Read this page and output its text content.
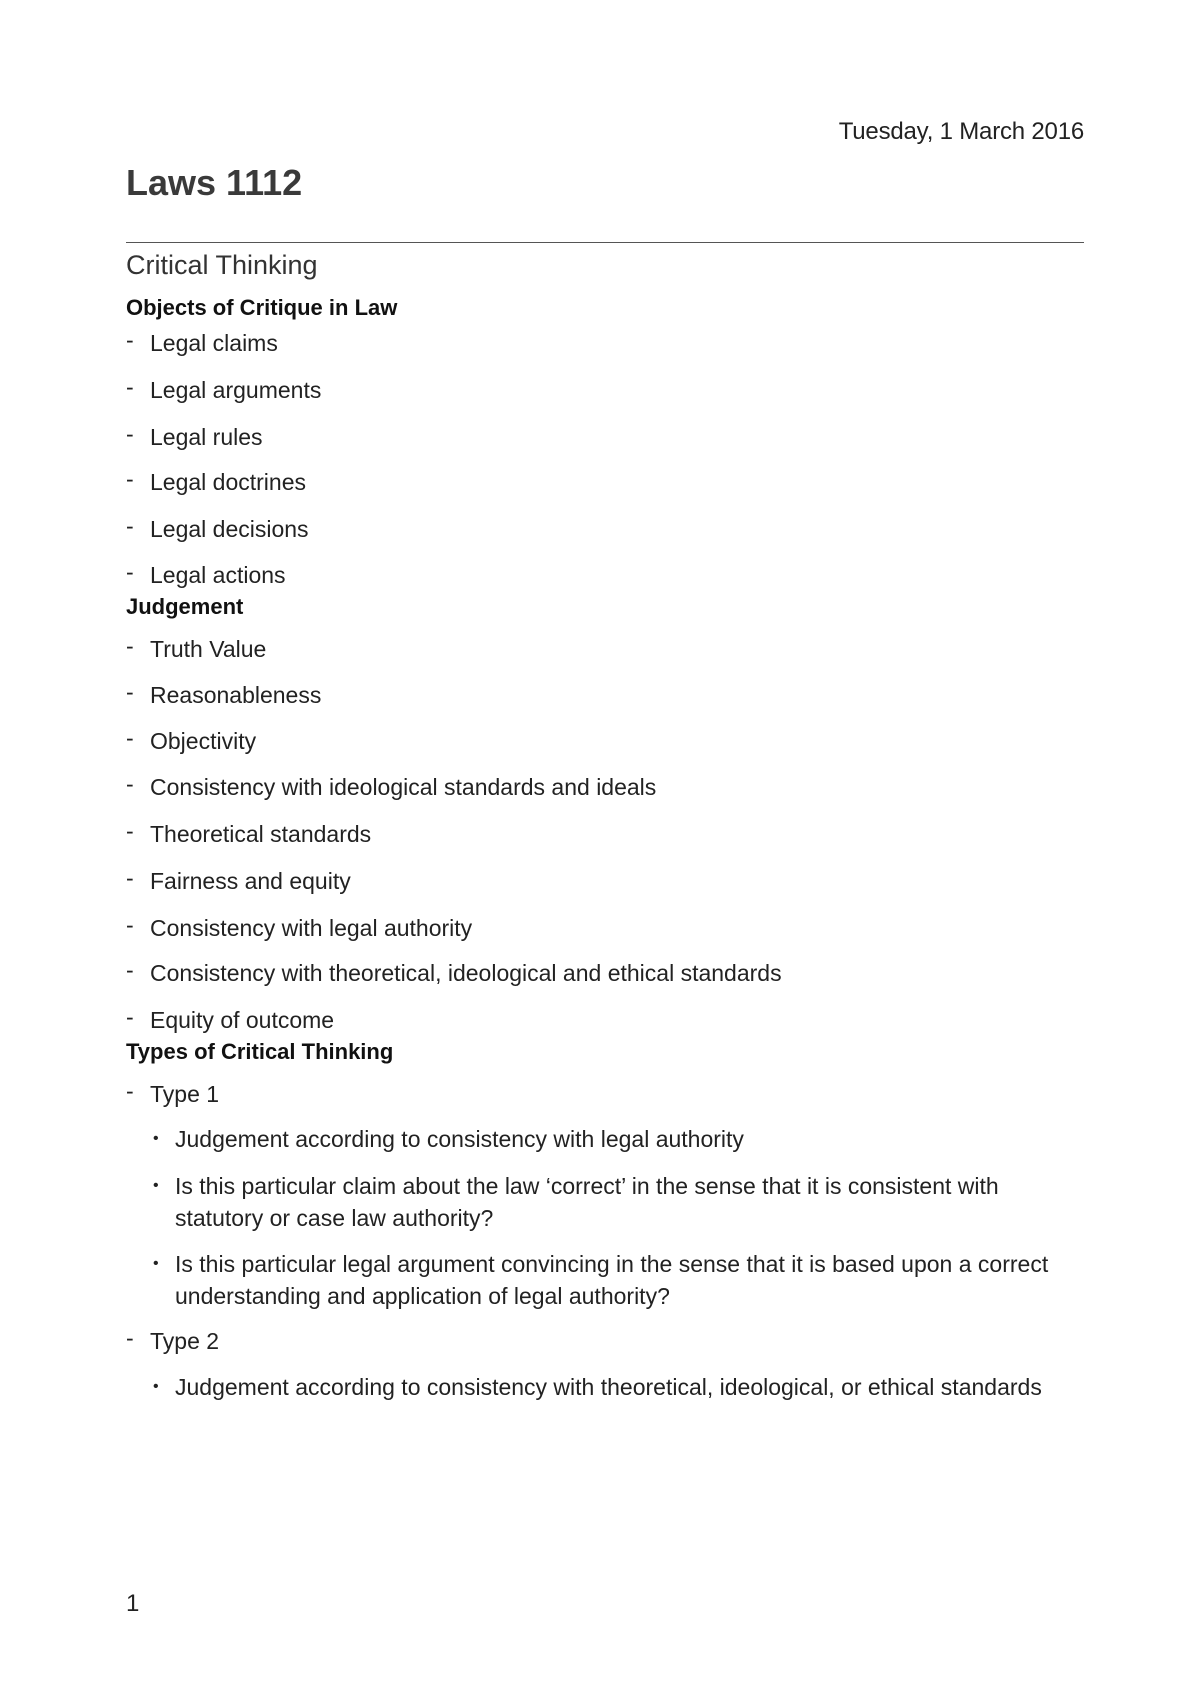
Tuesday, 1 March 2016
Laws 1112
Critical Thinking
Objects of Critique in Law
- Legal claims
- Legal arguments
- Legal rules
- Legal doctrines
- Legal decisions
- Legal actions
Judgement
- Truth Value
- Reasonableness
- Objectivity
- Consistency with ideological standards and ideals
- Theoretical standards
- Fairness and equity
- Consistency with legal authority
- Consistency with theoretical, ideological and ethical standards
- Equity of outcome
Types of Critical Thinking
- Type 1
• Judgement according to consistency with legal authority
• Is this particular claim about the law ‘correct’ in the sense that it is consistent with statutory or case law authority?
• Is this particular legal argument convincing in the sense that it is based upon a correct understanding and application of legal authority?
- Type 2
• Judgement according to consistency with theoretical, ideological, or ethical standards
1
